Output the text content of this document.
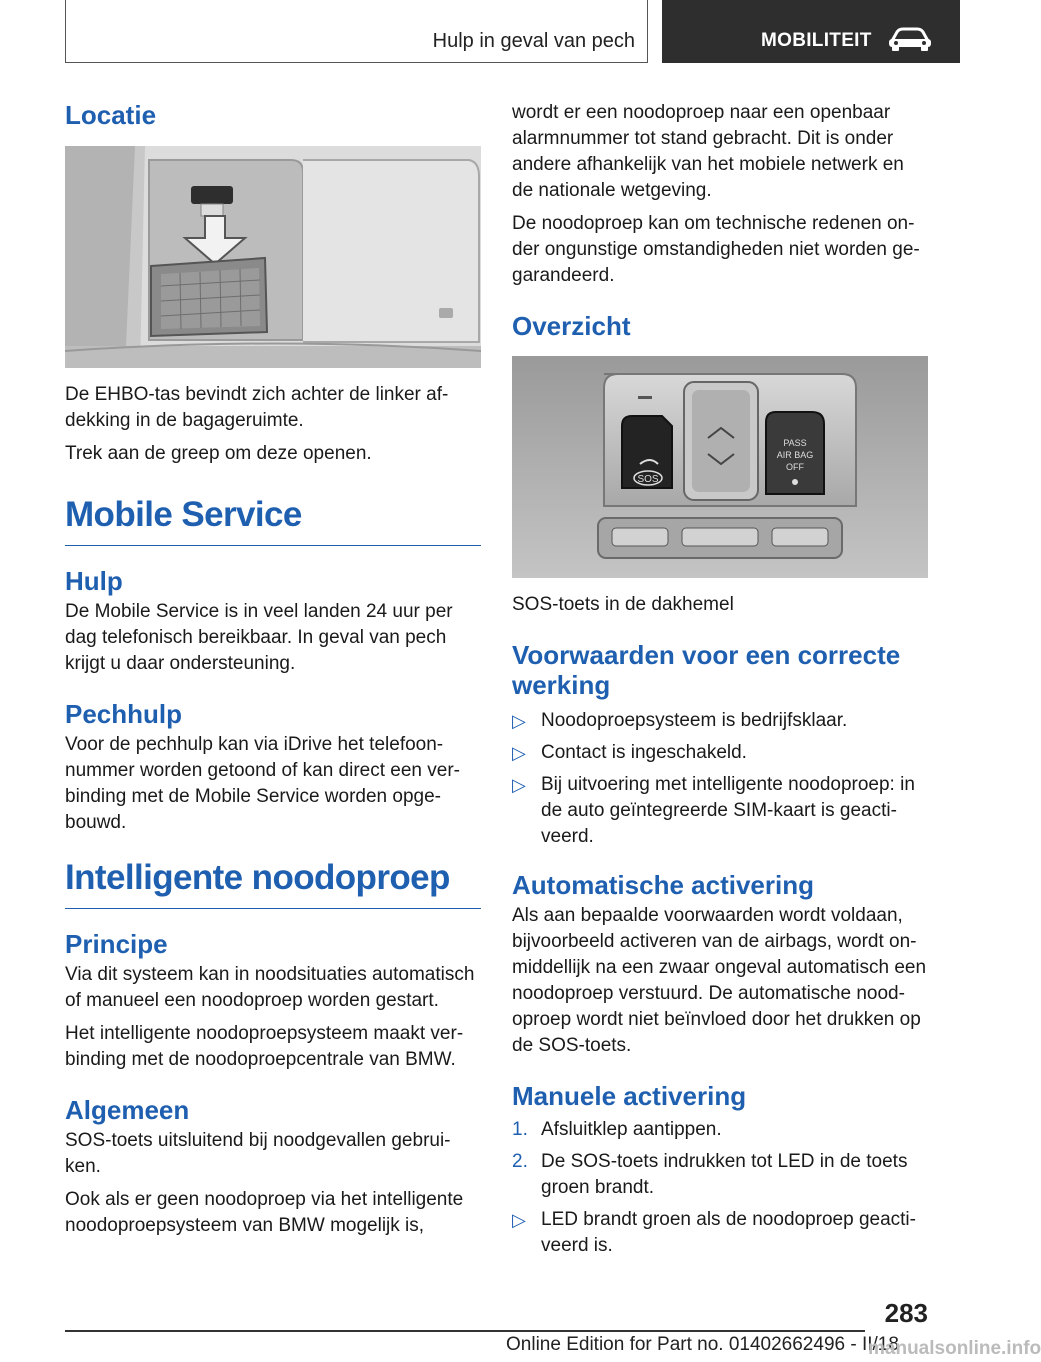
Hulp in geval van pech	MOBILITEIT
Locatie

De EHBO-tas bevindt zich achter de linker af-dekking in de bagageruimte.

Trek aan de greep om deze openen.

Mobile Service
Hulp

De Mobile Service is in veel landen 24 uur per dag telefonisch bereikbaar. In geval van pech krijgt u daar ondersteuning.

Pechhulp

Voor de pechhulp kan via iDrive het telefoon-nummer worden getoond of kan direct een ver-binding met de Mobile Service worden opge-bouwd.

Intelligente noodoproep
Principe

Via dit systeem kan in noodsituaties automatisch of manueel een noodoproep worden gestart.

Het intelligente noodoproepsysteem maakt ver-binding met de noodoproepcentrale van BMW.

Algemeen

SOS-toets uitsluitend bij noodgevallen gebrui-ken.

Ook als er geen noodoproep via het intelligente noodoproepsysteem van BMW mogelijk is,

wordt er een noodoproep naar een openbaar alarmnummer tot stand gebracht. Dit is onder andere afhankelijk van het mobiele netwerk en de nationale wetgeving.

De noodoproep kan om technische redenen on-der ongunstige omstandigheden niet worden ge-garandeerd.

Overzicht
SOS
PASS
AIR BAG
OFF

SOS-toets in de dakhemel

Voorwaarden voor een correcte werking
▷ Noodoproepsysteem is bedrijfsklaar.
▷ Contact is ingeschakeld.
▷ Bij uitvoering met intelligente noodoproep: in de auto geïntegreerde SIM-kaart is geacti-veerd.
Automatische activering

Als aan bepaalde voorwaarden wordt voldaan, bijvoorbeeld activeren van de airbags, wordt on-middellijk na een zwaar ongeval automatisch een noodoproep verstuurd. De automatische nood-oproep wordt niet beïnvloed door het drukken op de SOS-toets.

Manuele activering
1. Afsluitklep aantippen.
2. De SOS-toets indrukken tot LED in de toets groen brandt.
▷ LED brandt groen als de noodoproep geacti-veerd is.
283
Online Edition for Part no. 01402662496 - II/18
manualsonline.info
